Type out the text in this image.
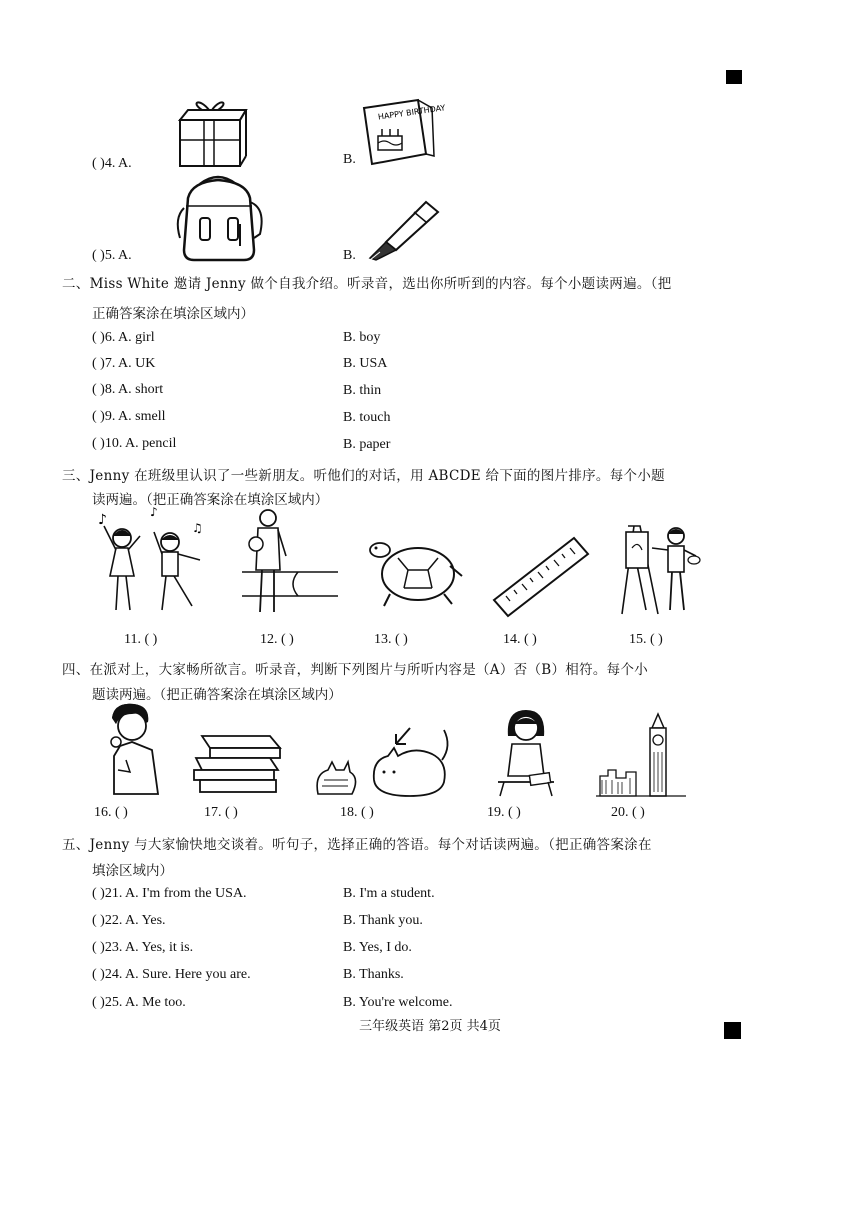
( )4. A.	B.
HAPPY BIRTHDAY
( )5. A.	B.
二、Miss White 邀请 Jenny 做个自我介绍。听录音，选出你所听到的内容。每个小题读两遍。（把
正确答案涂在填涂区域内）
( )6. A. girl	B. boy
( )7. A. UK	B. USA
( )8. A. short	B. thin
( )9. A. smell	B. touch
( )10. A. pencil	B. paper
三、Jenny 在班级里认识了一些新朋友。听他们的对话，用 ABCDE 给下面的图片排序。每个小题
读两遍。（把正确答案涂在填涂区域内）
♪	♪
♫
11. ( )	12. ( )	13. ( )	14. ( )	15. ( )
四、在派对上，大家畅所欲言。听录音，判断下列图片与所听内容是（A）否（B）相符。每个小
题读两遍。（把正确答案涂在填涂区域内）
16. ( )	17. ( )	18. ( )	19. ( )	20. ( )
五、Jenny 与大家愉快地交谈着。听句子，选择正确的答语。每个对话读两遍。（把正确答案涂在
填涂区域内）
( )21. A. I'm from the USA.	B. I'm a student.
( )22. A. Yes.	B. Thank you.
( )23. A. Yes, it is.	B. Yes, I do.
( )24. A. Sure. Here you are.	B. Thanks.
( )25. A. Me too.	B. You're welcome.
三年级英语 第2页 共4页
